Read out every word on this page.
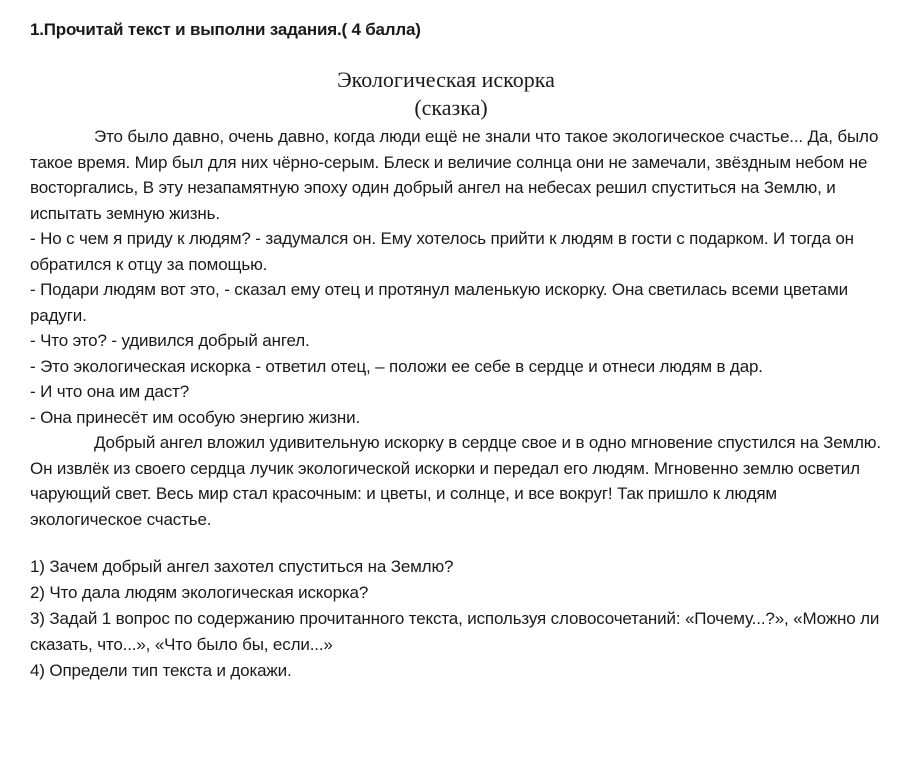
1.Прочитай текст и выполни задания.( 4 балла)
Экологическая искорка
(сказка)

Это было давно, очень давно, когда люди ещё не знали что такое экологическое счастье... Да, было такое время. Мир был для них чёрно-серым. Блеск и величие солнца они не замечали, звёздным небом не восторгались, В эту незапамятную эпоху один добрый ангел на небесах решил спуститься на Землю, и испытать земную жизнь.

- Но с чем я приду к людям? - задумался он. Ему хотелось прийти к людям в гости с подарком. И тогда он обратился к отцу за помощью.

- Подари людям вот это, - сказал ему отец и протянул маленькую искорку. Она светилась всеми цветами радуги.

- Что это? - удивился добрый ангел.

- Это экологическая искорка - ответил отец, – положи ее себе в сердце и отнеси людям в дар.

- И что она им даст?

- Она принесёт им особую энергию жизни.

Добрый ангел вложил удивительную искорку в сердце свое и в одно мгновение спустился на Землю. Он извлёк из своего сердца лучик экологической искорки и передал его людям. Мгновенно землю осветил чарующий свет. Весь мир стал красочным: и цветы, и солнце, и все вокруг! Так пришло к людям экологическое счастье.

1) Зачем добрый ангел захотел спуститься на Землю?
2) Что дала людям экологическая искорка?
3) Задай 1 вопрос по содержанию прочитанного текста, используя словосочетаний: «Почему...?», «Можно ли сказать, что...», «Что было бы, если...»
4) Определи тип текста и докажи.
